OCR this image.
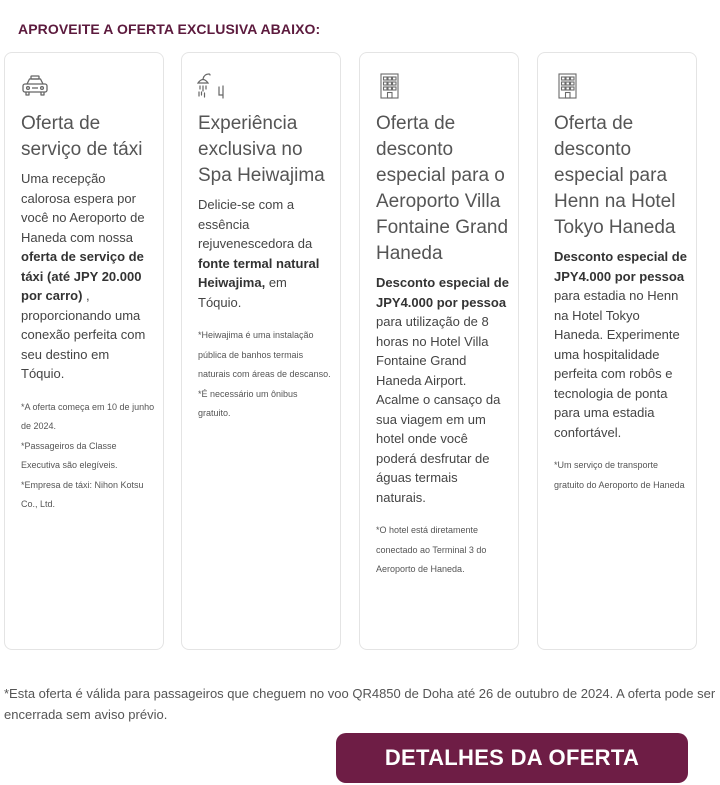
APROVEITE A OFERTA EXCLUSIVA ABAIXO:
Oferta de serviço de táxi

Uma recepção calorosa espera por você no Aeroporto de Haneda com nossa oferta de serviço de táxi (até JPY 20.000 por carro) , proporcionando uma conexão perfeita com seu destino em Tóquio.

*A oferta começa em 10 de junho de 2024.

*Passageiros da Classe Executiva são elegíveis.

*Empresa de táxi: Nihon Kotsu Co., Ltd.

Experiência exclusiva no Spa Heiwajima

Delicie-se com a essência rejuvenescedora da fonte termal natural Heiwajima, em Tóquio.

*Heiwajima é uma instalação pública de banhos termais naturais com áreas de descanso.

*É necessário um ônibus gratuito.

Oferta de desconto especial para o Aeroporto Villa Fontaine Grand Haneda

Desconto especial de JPY4.000 por pessoa para utilização de 8 horas no Hotel Villa Fontaine Grand Haneda Airport. Acalme o cansaço da sua viagem em um hotel onde você poderá desfrutar de águas termais naturais.

*O hotel está diretamente conectado ao Terminal 3 do Aeroporto de Haneda.

Oferta de desconto especial para Henn na Hotel Tokyo Haneda

Desconto especial de JPY4.000 por pessoa para estadia no Henn na Hotel Tokyo Haneda. Experimente uma hospitalidade perfeita com robôs e tecnologia de ponta para uma estadia confortável.

*Um serviço de transporte gratuito do Aeroporto de Haneda

*Esta oferta é válida para passageiros que cheguem no voo QR4850 de Doha até 26 de outubro de 2024. A oferta pode ser encerrada sem aviso prévio.
DETALHES DA OFERTA
